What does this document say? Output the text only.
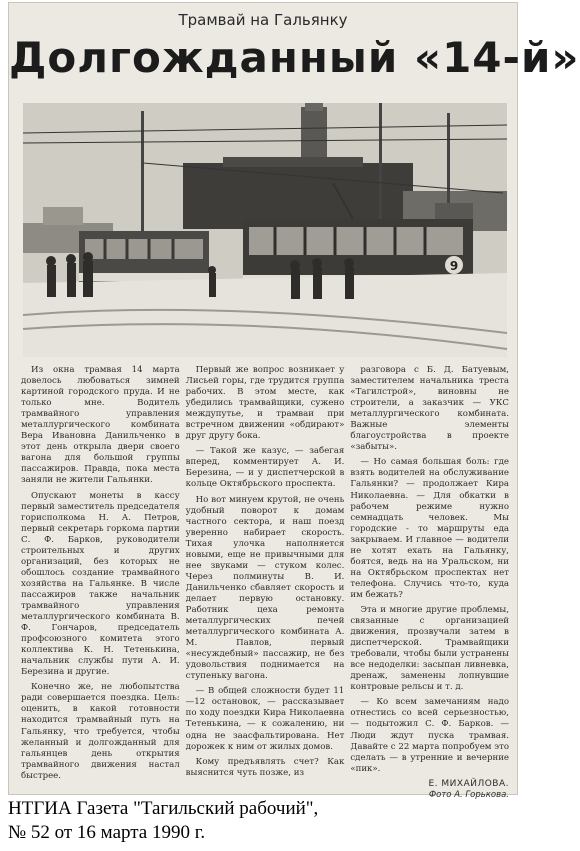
Трамвай на Гальянку
Долгожданный «14-й»
9

Из окна трамвая 14 марта довелось любоваться зимней картиной городского пруда. И не только мне. Водитель трамвайного управления металлургического комбината Вера Ивановна Данильченко в этот день открыла двери своего вагона для большой группы пассажиров. Правда, пока места заняли не жители Гальянки.

Опускают монеты в кассу первый заместитель председателя горисполкома Н. А. Петров, первый секретарь горкома партии С. Ф. Барков, руководители строительных и других организаций, без которых не обошлось создание трамвайного хозяйства на Гальянке. В числе пассажиров также начальник трамвайного управления металлургического комбината В. Ф. Гончаров, председатель профсоюзного комитета этого коллектива К. Н. Тетенькина, начальник службы пути А. И. Березина и другие.

Конечно же, не любопытства ради совершается поездка. Цель: оценить, в какой готовности находится трамвайный путь на Гальянку, что требуется, чтобы желанный и долгожданный для гальянцев день открытия трамвайного движения настал быстрее.

Первый же вопрос возникает у Лисьей горы, где трудится группа рабочих. В этом месте, как убедились трамвайщики, сужено междупутье, и трамваи при встречном движении «обдирают» друг другу бока.

— Такой же казус, — забегая вперед, комментирует А. И. Березина, — и у диспетчерской в кольце Октябрьского проспекта.

Но вот минуем крутой, не очень удобный поворот к домам частного сектора, и наш поезд уверенно набирает скорость. Тихая улочка наполняется новыми, еще не привычными для нее звуками — стуком колес. Через полминуты В. И. Данильченко сбавляет скорость и делает первую остановку. Работник цеха ремонта металлургических печей металлургического комбината А. М. Павлов, первый «несуждебный» пассажир, не без удовольствия поднимается на ступеньку вагона.

— В общей сложности будет 11—12 остановок, — рассказывает по ходу поездки Кира Николаевна Тетенькина, — к сожалению, ни одна не заасфальтирована. Нет дорожек к ним от жилых домов.

Кому предъявлять счет? Как выяснится чуть позже, из

разговора с Б. Д. Батуевым, заместителем начальника треста «Тагилстрой», виновны не строители, а заказчик — УКС металлургического комбината. Важные элементы благоустройства в проекте «забыты».

— Но самая большая боль: где взять водителей на обслуживание Гальянки? — продолжает Кира Николаевна. — Для обкатки в рабочем режиме нужно семнадцать человек. Мы городские - то маршруты еда закрываем. И главное — водители не хотят ехать на Гальянку, боятся, ведь на на Уральском, ни на Октябрьском проспектах нет телефона. Случись что-то, куда им бежать?

Эта и многие другие проблемы, связанные с организацией движения, прозвучали затем в диспетчерской. Трамвайщики требовали, чтобы были устранены все недоделки: засыпан ливневка, дренаж, заменены лопнувшие контровые рельсы и т. д.

— Ко всем замечаниям надо отнестись со всей серьезностью, — подытожил С. Ф. Барков. — Люди ждут пуска трамвая. Давайте с 22 марта попробуем это сделать — в утренние и вечерние «пик».

Е. МИХАЙЛОВА.

Фото А. Горькова.

НТГИА Газета "Тагильский рабочий",
№ 52 от 16 марта 1990 г.
